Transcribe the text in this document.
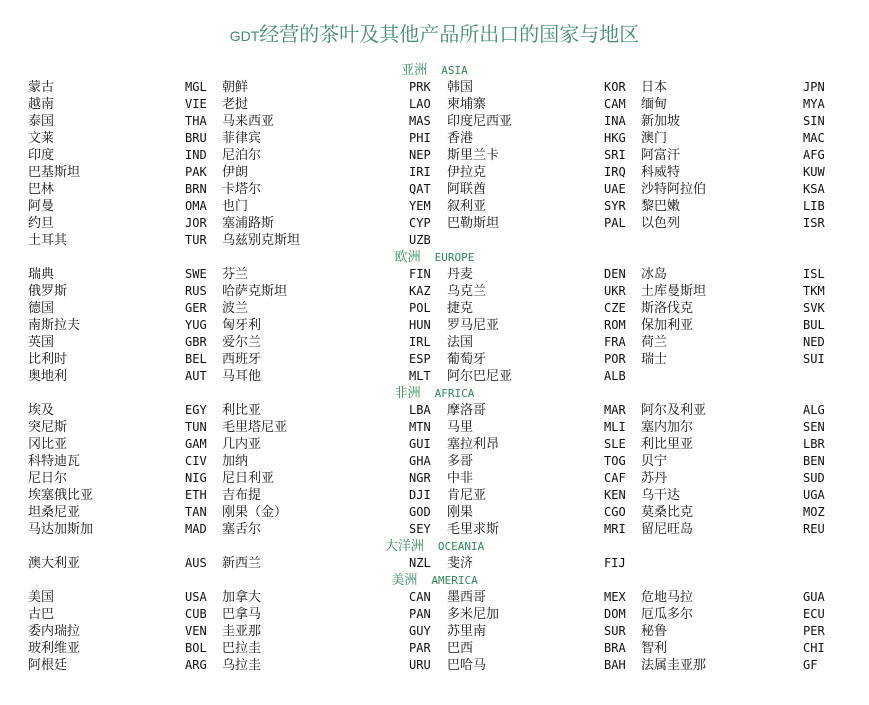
GDT经营的茶叶及其他产品所出口的国家与地区
亚洲 ASIA
蒙古	MGL 朝鲜	PRK 韩国	KOR 日本	JPN
越南	VIE 老挝	LAO 柬埔寨	CAM 缅甸	MYA
泰国	THA 马来西亚	MAS 印度尼西亚	INA 新加坡	SIN
文莱	BRU 菲律宾	PHI 香港	HKG 澳门	MAC
印度	IND 尼泊尔	NEP 斯里兰卡	SRI 阿富汗	AFG
巴基斯坦	PAK 伊朗	IRI 伊拉克	IRQ 科威特	KUW
巴林	BRN 卡塔尔	QAT 阿联酋	UAE 沙特阿拉伯	KSA
阿曼	OMA 也门	YEM 叙利亚	SYR 黎巴嫩	LIB
约旦	JOR 塞浦路斯	CYP 巴勒斯坦	PAL 以色列	ISR
土耳其	TUR 乌兹别克斯坦	UZB
欧洲 EUROPE
瑞典	SWE 芬兰	FIN 丹麦	DEN 冰岛	ISL
俄罗斯	RUS 哈萨克斯坦	KAZ 乌克兰	UKR 土库曼斯坦	TKM
德国	GER 波兰	POL 捷克	CZE 斯洛伐克	SVK
南斯拉夫	YUG 匈牙利	HUN 罗马尼亚	ROM 保加利亚	BUL
英国	GBR 爱尔兰	IRL 法国	FRA 荷兰	NED
比利时	BEL 西班牙	ESP 葡萄牙	POR 瑞士	SUI
奥地利	AUT 马耳他	MLT 阿尔巴尼亚	ALB
非洲 AFRICA
埃及	EGY 利比亚	LBA 摩洛哥	MAR 阿尔及利亚	ALG
突尼斯	TUN 毛里塔尼亚	MTN 马里	MLI 塞内加尔	SEN
冈比亚	GAM 几内亚	GUI 塞拉利昂	SLE 利比里亚	LBR
科特迪瓦	CIV 加纳	GHA 多哥	TOG 贝宁	BEN
尼日尔	NIG 尼日利亚	NGR 中非	CAF 苏丹	SUD
埃塞俄比亚	ETH 吉布提	DJI 肯尼亚	KEN 乌干达	UGA
坦桑尼亚	TAN 刚果（金）	GOD 刚果	CGO 莫桑比克	MOZ
马达加斯加	MAD 塞舌尔	SEY 毛里求斯	MRI 留尼旺岛	REU
大洋洲 OCEANIA
澳大利亚	AUS 新西兰	NZL 斐济	FIJ
美洲 AMERICA
美国	USA 加拿大	CAN 墨西哥	MEX 危地马拉	GUA
古巴	CUB 巴拿马	PAN 多米尼加	DOM 厄瓜多尔	ECU
委内瑞拉	VEN 圭亚那	GUY 苏里南	SUR 秘鲁	PER
玻利维亚	BOL 巴拉圭	PAR 巴西	BRA 智利	CHI
阿根廷	ARG 乌拉圭	URU 巴哈马	BAH 法属圭亚那	GF
